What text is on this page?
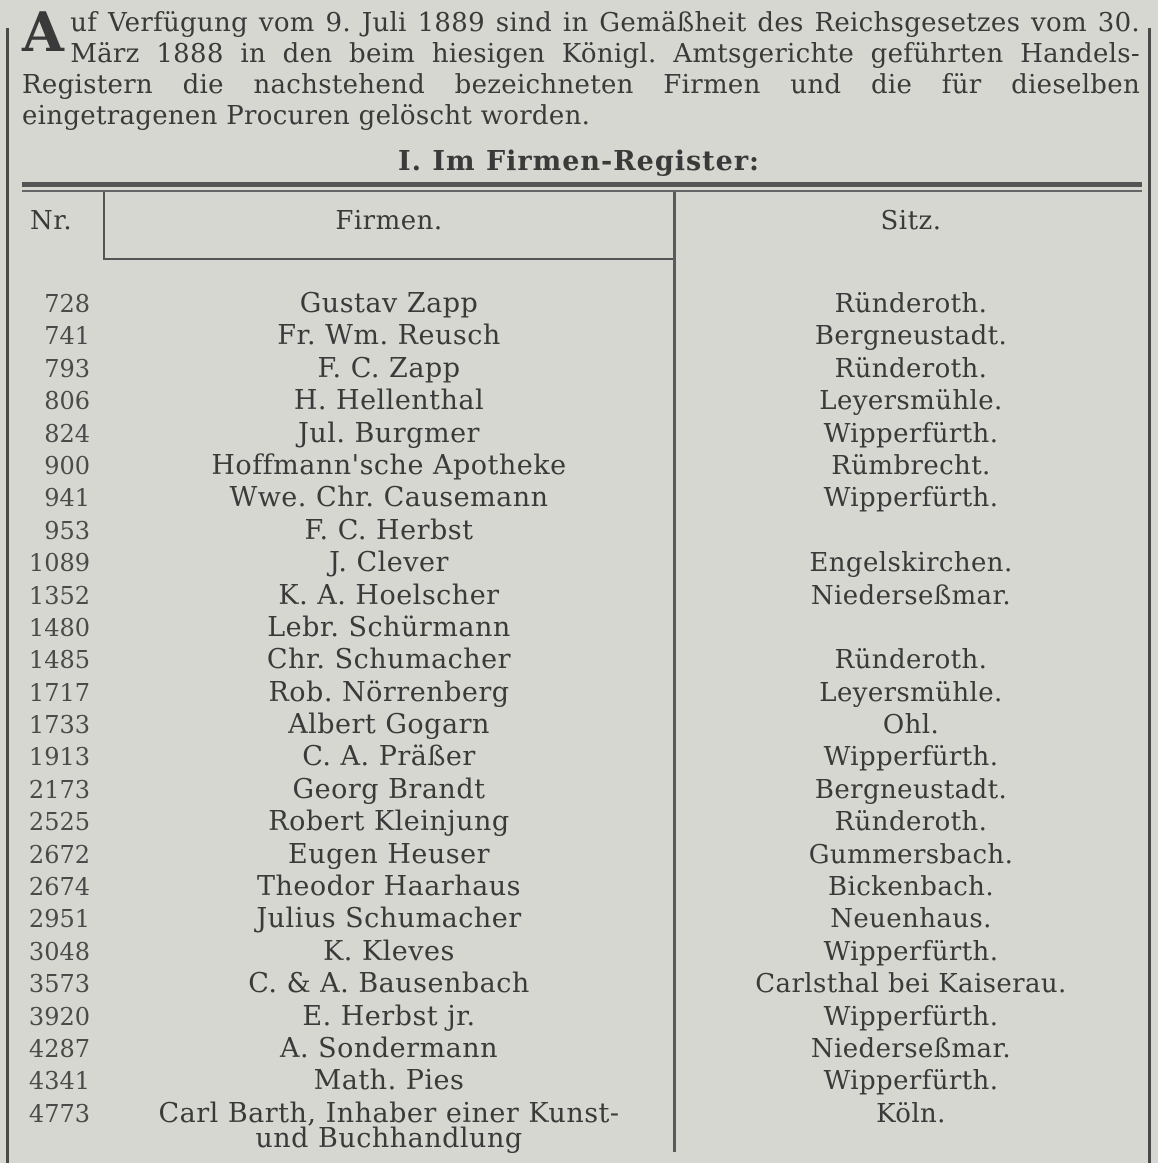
Auf Verfügung vom 9. Juli 1889 sind in Gemäßheit des Reichsgesetzes vom 30. März 1888 in den beim hiesigen Königl. Amtsgerichte geführten Handels-Registern die nachstehend bezeichneten Firmen und die für dieselben eingetragenen Procuren gelöscht worden.
I. Im Firmen-Register:
Nr.	Firmen.	Sitz.
728	Gustav Zapp	Ründeroth.
741	Fr. Wm. Reusch	Bergneustadt.
793	F. C. Zapp	Ründeroth.
806	H. Hellenthal	Leyersmühle.
824	Jul. Burgmer	Wipperfürth.
900	Hoffmann'sche Apotheke	Rümbrecht.
941	Wwe. Chr. Causemann	Wipperfürth.
953	F. C. Herbst
1089	J. Clever	Engelskirchen.
1352	K. A. Hoelscher	Niederseßmar.
1480	Lebr. Schürmann
1485	Chr. Schumacher	Ründeroth.
1717	Rob. Nörrenberg	Leyersmühle.
1733	Albert Gogarn	Ohl.
1913	C. A. Präßer	Wipperfürth.
2173	Georg Brandt	Bergneustadt.
2525	Robert Kleinjung	Ründeroth.
2672	Eugen Heuser	Gummersbach.
2674	Theodor Haarhaus	Bickenbach.
2951	Julius Schumacher	Neuenhaus.
3048	K. Kleves	Wipperfürth.
3573	C. & A. Bausenbach	Carlsthal bei Kaiserau.
3920	E. Herbst jr.	Wipperfürth.
4287	A. Sondermann	Niederseßmar.
4341	Math. Pies	Wipperfürth.
4773	Carl Barth, Inhaber einer Kunst-	Köln.
und Buchhandlung
